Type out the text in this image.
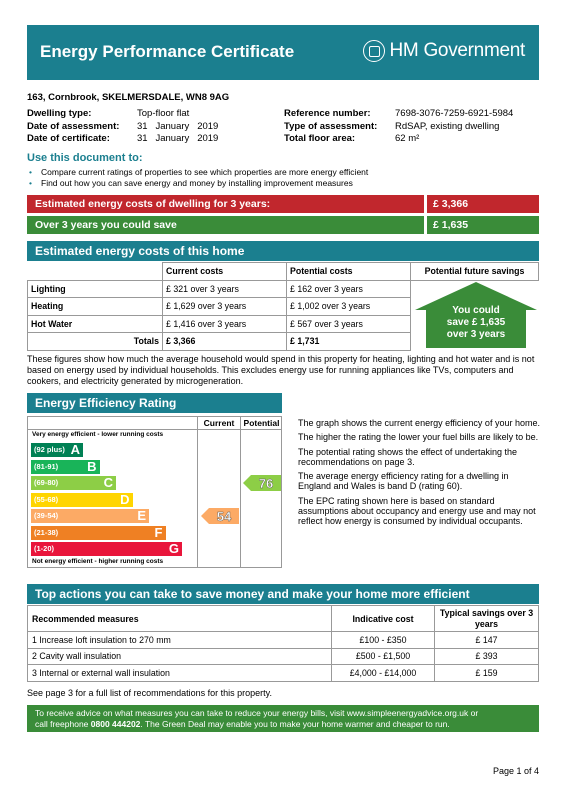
Energy Performance Certificate	HM Government
163, Cornbrook, SKELMERSDALE, WN8 9AG
Dwelling type:	Top-floor flat
Date of assessment: 31   January   2019
Date of certificate:	31   January   2019
Reference number:	7698-3076-7259-6921-5984
Type of assessment: RdSAP, existing dwelling
Total floor area:	62 m²
Use this document to:
• Compare current ratings of properties to see which properties are more energy efficient
• Find out how you can save energy and money by installing improvement measures
Estimated energy costs of dwelling for 3 years:	£ 3,366
Over 3 years you could save	£ 1,635
Estimated energy costs of this home
	Current costs	Potential costs	Potential future savings
Lighting	£ 321 over 3 years	£ 162 over 3 years	
Heating	£ 1,629 over 3 years	£ 1,002 over 3 years	
Hot Water	£ 1,416 over 3 years	£ 567 over 3 years	
Totals	£ 3,366	£ 1,731	
You could
save £ 1,635
over 3 years
These figures show how much the average household would spend in this property for heating, lighting and hot water and is not based on energy used by individual households. This excludes energy use for running appliances like TVs, computers and cookers, and electricity generated by microgeneration.
Energy Efficiency Rating
Current	Potential
Very energy efficient - lower running costs
Not energy efficient - higher running costs
(92 plus) A
(81-91) B
(69-80)	C
(55-68)	D
(39-54)	E
(21-38)	F
(1-20)	G
54
76

The graph shows the current energy efficiency of your home.

The higher the rating the lower your fuel bills are likely to be.

The potential rating shows the effect of undertaking the recommendations on page 3.

The average energy efficiency rating for a dwelling in England and Wales is band D (rating 60).

The EPC rating shown here is based on standard assumptions about occupancy and energy use and may not reflect how energy is consumed by individual occupants.

Top actions you can take to save money and make your home more efficient
Recommended measures	Indicative cost	Typical savings over 3 years
1 Increase loft insulation to 270 mm	£100 - £350	£ 147
2 Cavity wall insulation	£500 - £1,500	£ 393
3 Internal or external wall insulation	£4,000 - £14,000	£ 159
See page 3 for a full list of recommendations for this property.
To receive advice on what measures you can take to reduce your energy bills, visit www.simpleenergyadvice.org.uk or
call freephone 0800 444202. The Green Deal may enable you to make your home warmer and cheaper to run.
Page 1 of 4
